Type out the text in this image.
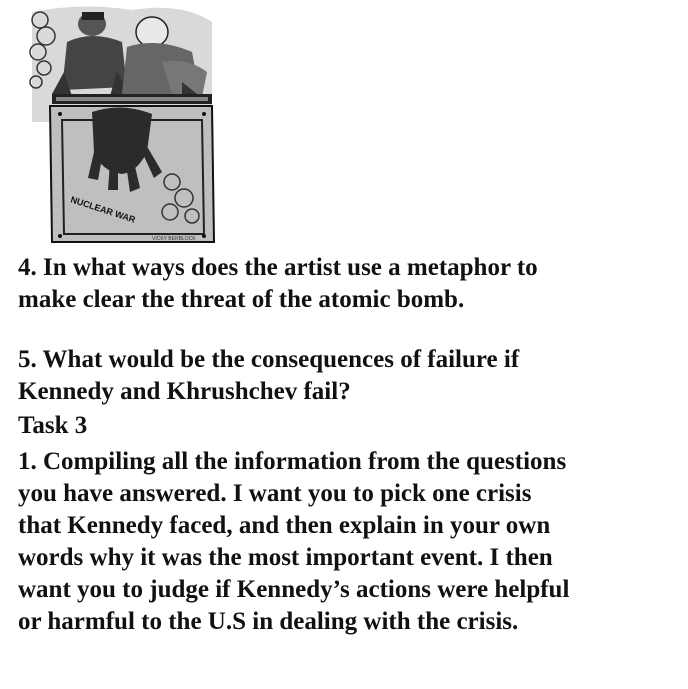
NUCLEAR WAR
VICKY BERBLOCK

4. In what ways does the artist use a metaphor to
make clear the threat of the atomic bomb.

5. What would be the consequences of failure if
Kennedy and Khrushchev fail?

Task 3

1. Compiling all the information from the questions
you have answered. I want you to pick one crisis
that Kennedy faced, and then explain in your own
words why it was the most important event. I then
want you to judge if Kennedy’s actions were helpful
or harmful to the U.S in dealing with the crisis.
